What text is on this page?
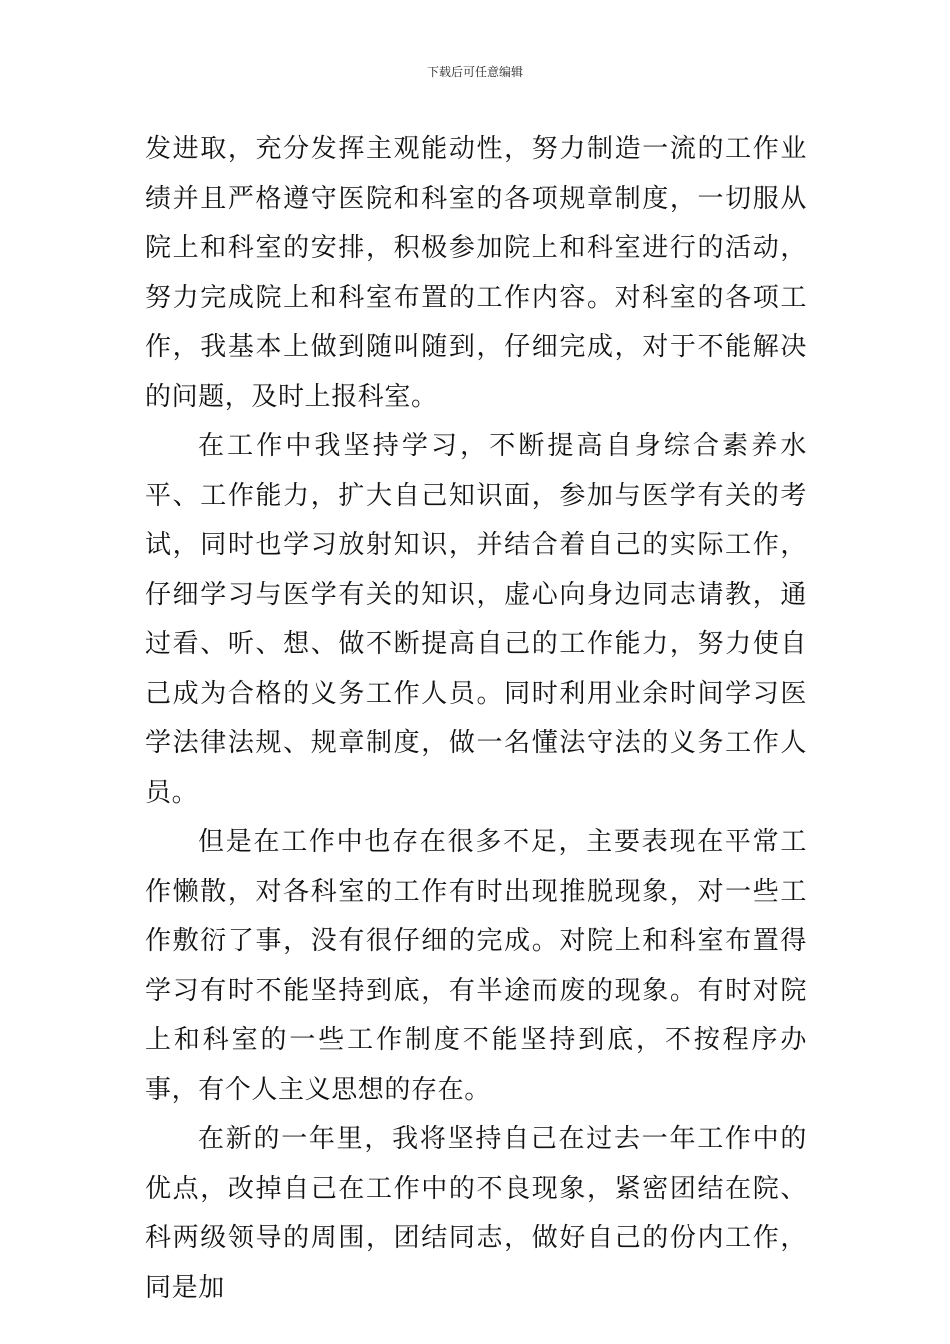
下载后可任意编辑

发进取，充分发挥主观能动性，努力制造一流的工作业绩并且严格遵守医院和科室的各项规章制度，一切服从院上和科室的安排，积极参加院上和科室进行的活动，努力完成院上和科室布置的工作内容。对科室的各项工作，我基本上做到随叫随到，仔细完成，对于不能解决的问题，及时上报科室。

在工作中我坚持学习，不断提高自身综合素养水平、工作能力，扩大自己知识面，参加与医学有关的考试，同时也学习放射知识，并结合着自己的实际工作，仔细学习与医学有关的知识，虚心向身边同志请教，通过看、听、想、做不断提高自己的工作能力，努力使自己成为合格的义务工作人员。同时利用业余时间学习医学法律法规、规章制度，做一名懂法守法的义务工作人员。

但是在工作中也存在很多不足，主要表现在平常工作懒散，对各科室的工作有时出现推脱现象，对一些工作敷衍了事，没有很仔细的完成。对院上和科室布置得学习有时不能坚持到底，有半途而废的现象。有时对院上和科室的一些工作制度不能坚持到底，不按程序办事，有个人主义思想的存在。

在新的一年里，我将坚持自己在过去一年工作中的优点，改掉自己在工作中的不良现象，紧密团结在院、科两级领导的周围，团结同志，做好自己的份内工作，同是加
